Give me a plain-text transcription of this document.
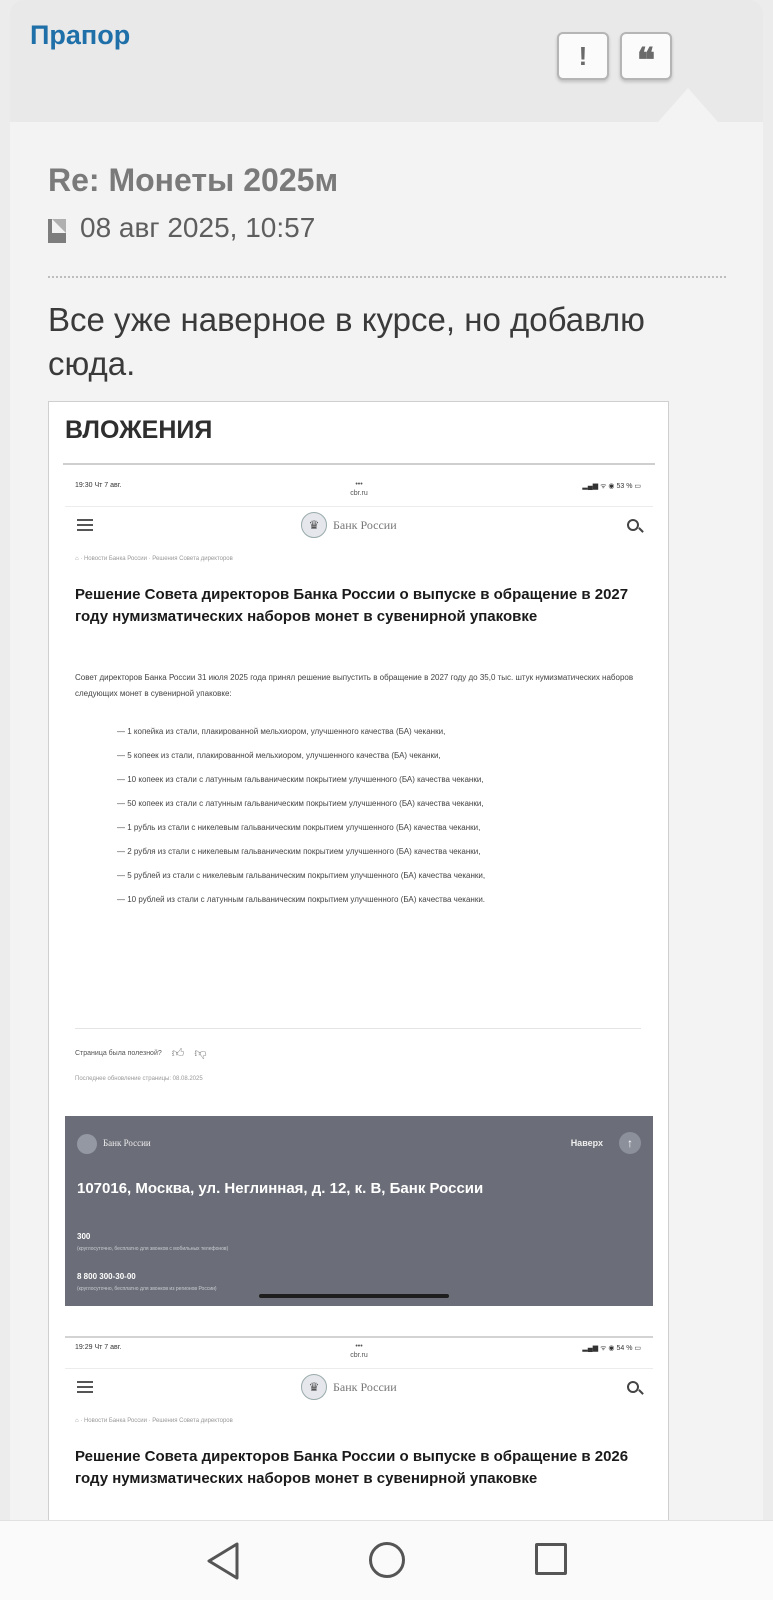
Прапор
!	❝
Re: Монеты 2025м
08 авг 2025, 10:57
Все уже наверное в курсе, но добавлю сюда.
ВЛОЖЕНИЯ
19:30 Чт 7 авг.	•••
cbr.ru
▂▄▆ ᯤ ◉ 53 % ▭
♛	Банк России
⌂ · Новости Банка России · Решения Совета директоров
Решение Совета директоров Банка России о выпуске в обращение в 2027 году нумизматических наборов монет в сувенирной упаковке
Совет директоров Банка России 31 июля 2025 года принял решение выпустить в обращение в 2027 году до 35,0 тыс. штук нумизматических наборов следующих монет в сувенирной упаковке:
— 1 копейка из стали, плакированной мельхиором, улучшенного качества (БА) чеканки,
— 5 копеек из стали, плакированной мельхиором, улучшенного качества (БА) чеканки,
— 10 копеек из стали с латунным гальваническим покрытием улучшенного (БА) качества чеканки,
— 50 копеек из стали с латунным гальваническим покрытием улучшенного (БА) качества чеканки,
— 1 рубль из стали с никелевым гальваническим покрытием улучшенного (БА) качества чеканки,
— 2 рубля из стали с никелевым гальваническим покрытием улучшенного (БА) качества чеканки,
— 5 рублей из стали с никелевым гальваническим покрытием улучшенного (БА) качества чеканки,
— 10 рублей из стали с латунным гальваническим покрытием улучшенного (БА) качества чеканки.
Страница была полезной? 👍︎ 👎︎
Последнее обновление страницы: 08.08.2025
Банк России	Наверх	↑
107016, Москва, ул. Неглинная, д. 12, к. В, Банк России
300
(круглосуточно, бесплатно для звонков с мобильных телефонов)
8 800 300-30-00
(круглосуточно, бесплатно для звонков из регионов России)
19:29 Чт 7 авг.	•••
cbr.ru
▂▄▆ ᯤ ◉ 54 % ▭
♛	Банк России
⌂ · Новости Банка России · Решения Совета директоров
Решение Совета директоров Банка России о выпуске в обращение в 2026 году нумизматических наборов монет в сувенирной упаковке
